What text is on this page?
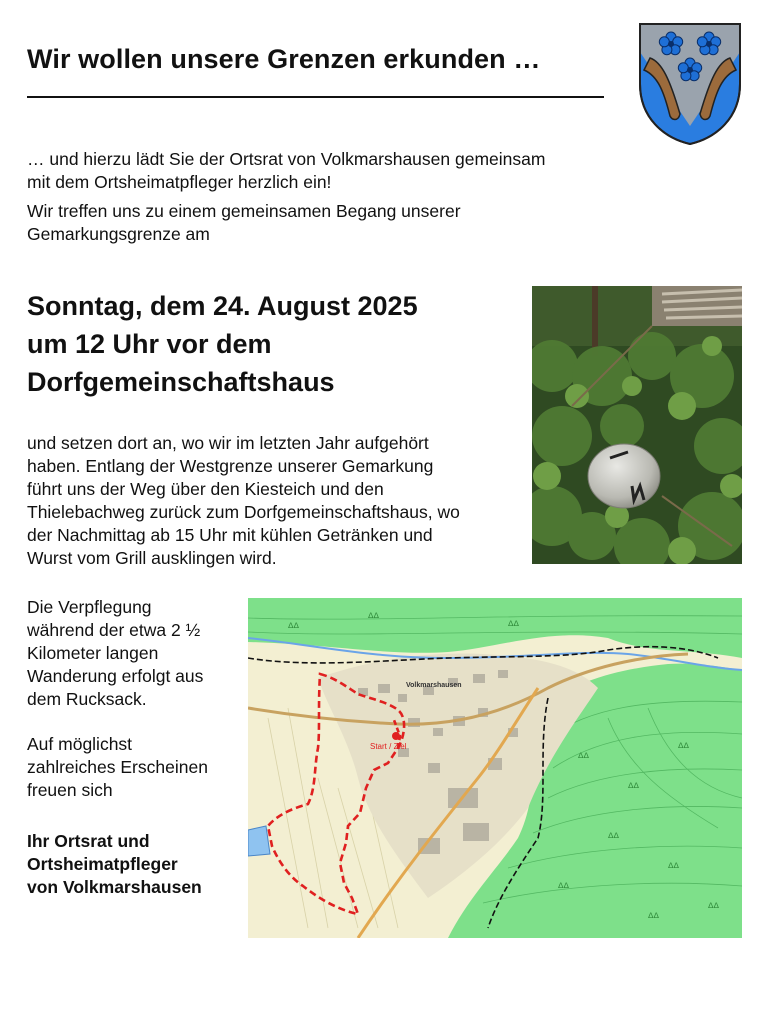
Wir wollen unsere Grenzen erkunden …

… und hierzu lädt Sie der Ortsrat von Volkmarshausen gemeinsam

mit dem Ortsheimatpfleger herzlich ein!

Wir treffen uns zu einem gemeinsamen Begang unserer

Gemarkungsgrenze am

Sonntag, dem 24. August 2025

um 12 Uhr vor dem

Dorfgemeinschaftshaus

und setzen dort an, wo wir im letzten Jahr aufgehört

haben. Entlang der Westgrenze unserer Gemarkung

führt uns der Weg über den Kiesteich und den

Thielebachweg zurück zum Dorfgemeinschaftshaus, wo

der Nachmittag ab 15 Uhr mit kühlen Getränken und

Wurst vom Grill ausklingen wird.

Die Verpflegung

während der etwa 2 ½

Kilometer langen

Wanderung erfolgt aus

dem Rucksack.

Auf möglichst

zahlreiches Erscheinen

freuen sich

Ihr Ortsrat und

Ortsheimatpfleger

von Volkmarshausen

ᐃᐃ
ᐃᐃ
ᐃᐃ
ᐃᐃ
ᐃᐃ
ᐃᐃ
ᐃᐃ
ᐃᐃ
ᐃᐃ
ᐃᐃ
ᐃᐃ
Volkmarshausen
Start / Ziel
